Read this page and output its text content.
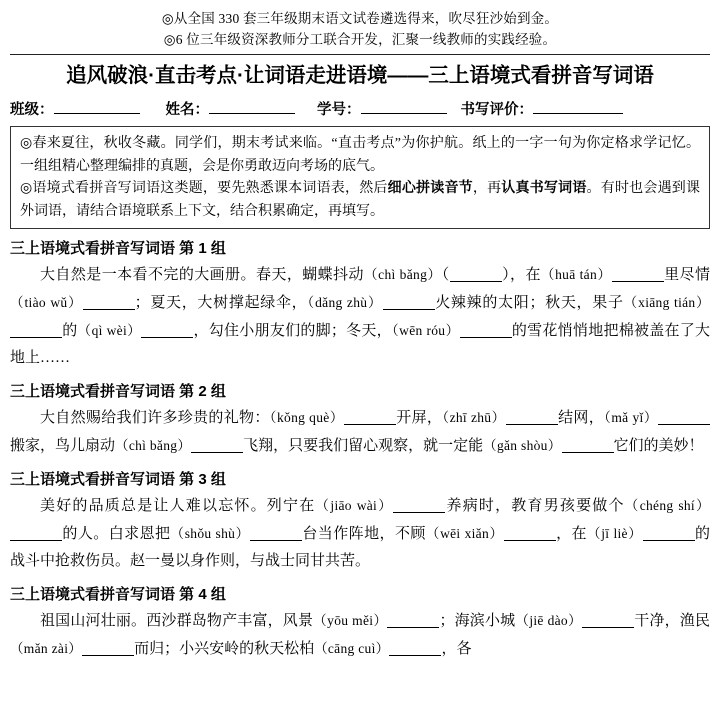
◎从全国 330 套三年级期末语文试卷遴选得来，吹尽狂沙始到金。
◎6 位三年级资深教师分工联合开发，汇聚一线教师的实践经验。
追风破浪·直击考点·让词语走进语境——三上语境式看拼音写词语
班级：	姓名：	学号：	书写评价：

◎春来夏往，秋收冬藏。同学们，期末考试来临。“直击考点”为你护航。纸上的一字一句为你定格求学记忆。一组组精心整理编排的真题，会是你勇敢迈向考场的底气。

◎语境式看拼音写词语这类题，要先熟悉课本词语表，然后细心拼读音节，再认真书写词语。有时也会遇到课外词语，请结合语境联系上下文，结合积累确定，再填写。

三上语境式看拼音写词语 第 1 组

大自然是一本看不完的大画册。春天，蝴蝶抖动（chì bǎng）（	），在（huā tán）	里尽情（tiào wǔ）	；夏天，大树撑起绿伞，（dǎng zhù）	火辣辣的太阳；秋天，果子（xiāng tián）的（qì wèi）	，勾住小朋友们的脚；冬天，（wēn róu）	的雪花悄悄地把棉被盖在了大地上……

三上语境式看拼音写词语 第 2 组

大自然赐给我们许多珍贵的礼物：（kǒng què）	开屏，（zhī zhū）	结网，（mǎ yǐ）搬家，鸟儿扇动（chì bǎng）	飞翔，只要我们留心观察，就一定能（gǎn shòu）	它们的美妙！

三上语境式看拼音写词语 第 3 组

美好的品质总是让人难以忘怀。列宁在（jiāo wài）	养病时，教育男孩要做个（chéng shí）的人。白求恩把（shǒu shù）	台当作阵地，不顾（wēi xiǎn）	，在（jī liè）	的战斗中抢救伤员。赵一曼以身作则，与战士同甘共苦。

三上语境式看拼音写词语 第 4 组

祖国山河壮丽。西沙群岛物产丰富，风景（yōu měi）	；海滨小城（jiē dào）	干净，渔民（mǎn zài）	而归；小兴安岭的秋天松柏（cāng cuì）	，各
